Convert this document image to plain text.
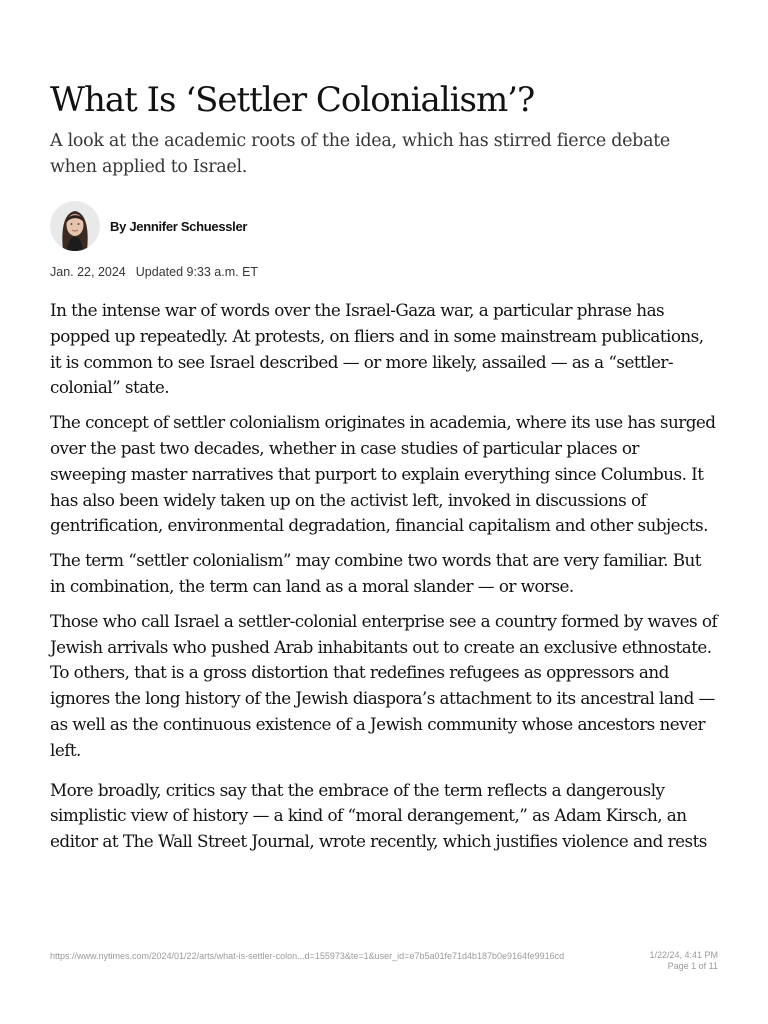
What Is ‘Settler Colonialism’?

A look at the academic roots of the idea, which has stirred fierce debate when applied to Israel.

By Jennifer Schuessler
Jan. 22, 2024 Updated 9:33 a.m. ET

In the intense war of words over the Israel-Gaza war, a particular phrase has popped up repeatedly. At protests, on fliers and in some mainstream publications, it is common to see Israel described — or more likely, assailed — as a “settler-colonial” state.

The concept of settler colonialism originates in academia, where its use has surged over the past two decades, whether in case studies of particular places or sweeping master narratives that purport to explain everything since Columbus. It has also been widely taken up on the activist left, invoked in discussions of gentrification, environmental degradation, financial capitalism and other subjects.

The term “settler colonialism” may combine two words that are very familiar. But in combination, the term can land as a moral slander — or worse.

Those who call Israel a settler-colonial enterprise see a country formed by waves of Jewish arrivals who pushed Arab inhabitants out to create an exclusive ethnostate. To others, that is a gross distortion that redefines refugees as oppressors and ignores the long history of the Jewish diaspora’s attachment to its ancestral land — as well as the continuous existence of a Jewish community whose ancestors never left.

More broadly, critics say that the embrace of the term reflects a dangerously simplistic view of history — a kind of “moral derangement,” as Adam Kirsch, an editor at The Wall Street Journal, wrote recently, which justifies violence and rests

https://www.nytimes.com/2024/01/22/arts/what-is-settler-colon...d=155973&te=1&user_id=e7b5a01fe71d4b187b0e9164fe9916cd	1/22/24, 4:41 PM
Page 1 of 11
